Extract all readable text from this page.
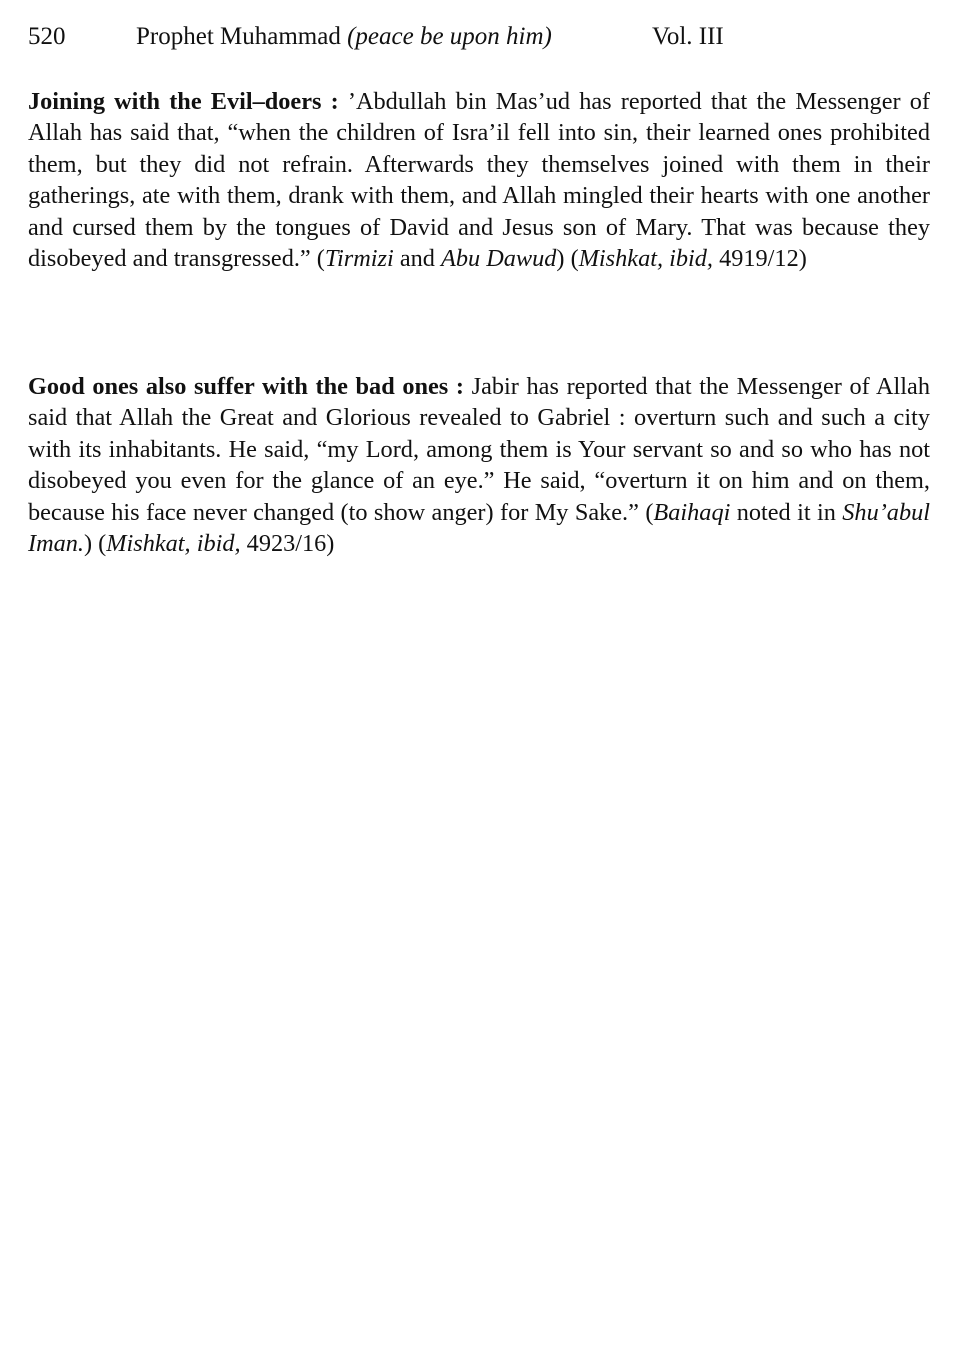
520	Prophet Muhammad (peace be upon him)	Vol. III

Joining with the Evil–doers : ’Abdullah bin Mas’ud has reported that the Messenger of Allah has said that, “when the children of Isra’il fell into sin, their learned ones prohibited them, but they did not refrain. Afterwards they themselves joined with them in their gatherings, ate with them, drank with them, and Allah mingled their hearts with one another and cursed them by the tongues of David and Jesus son of Mary. That was because they disobeyed and transgressed.” (Tirmizi and Abu Dawud) (Mishkat, ibid, 4919/12)

Good ones also suffer with the bad ones : Jabir has reported that the Messenger of Allah said that Allah the Great and Glorious revealed to Gabriel : overturn such and such a city with its inhabitants. He said, “my Lord, among them is Your servant so and so who has not disobeyed you even for the glance of an eye.” He said, “overturn it on him and on them, because his face never changed (to show anger) for My Sake.” (Baihaqi noted it in Shu’abul Iman.) (Mishkat, ibid, 4923/16)
